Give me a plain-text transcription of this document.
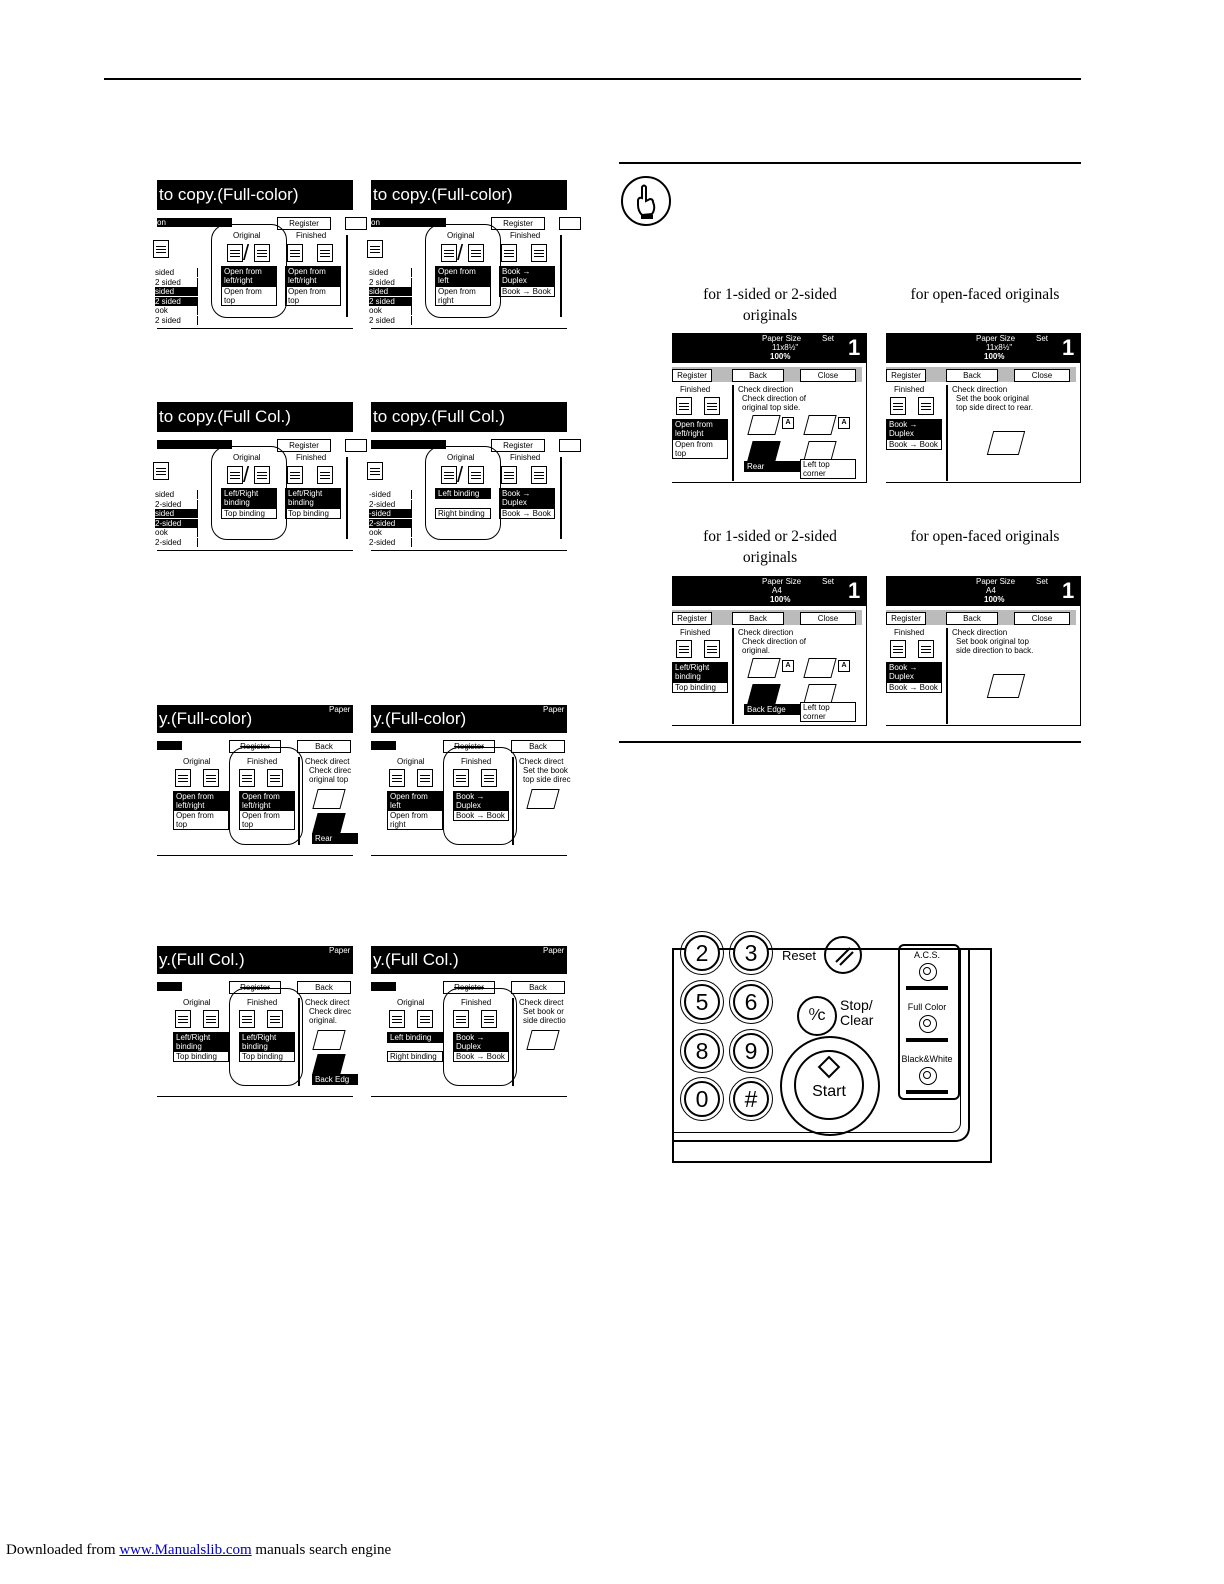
to copy.(Full-color)
on	Register
sided
2 sided
sided
2 sided
ook
2 sided
Original	Finished
/
Open from left/right
Open from top
Open from left/right
Open from top
to copy.(Full-color)
on	Register
sided
2 sided
sided
2 sided
ook
2 sided
Original	Finished
/
Open from left
Open from right
Book → Duplex
Book → Book
to copy.(Full Col.)
Register
sided
2-sided
sided
2-sided
ook
2-sided
Original	Finished
/
Left/Right binding
Top binding
Left/Right binding
Top binding
to copy.(Full Col.)
Register
-sided
2-sided
-sided
2-sided
ook
2-sided
Original	Finished
/
Left binding
Right binding
Book → Duplex
Book → Book
y.(Full-color)	Paper
Register	Back
Original	Finished	Check direct
Check direc
original top
Open from left/right
Open from top
Open from left/right
Open from top
Rear
y.(Full-color)	Paper
Register	Back
Original	Finished	Check direct
Set the book
top side direc
Open from left
Open from right
Book → Duplex
Book → Book
y.(Full Col.)	Paper
Register	Back
Original	Finished	Check direct
Check direc
original.
Left/Right binding
Top binding
Left/Right binding
Top binding
Back Edg
y.(Full Col.)	Paper
Register	Back
Original	Finished	Check direct
Set book or
side directio
Left binding
Right binding
Book → Duplex
Book → Book
for 1-sided or 2-sided originals
for open-faced originals
for 1-sided or 2-sided originals
for open-faced originals
Paper Size	Set
11x8½"
100%	1
Register	Back	Close
Finished	Check direction
Check direction of
original top side.
Open from left/right
Open from top
A	A
Rear	Left top corner
Paper Size	Set
11x8½"
100%	1
Register	Back	Close
Finished	Check direction
Set the book original
top side direct to rear.
Book → Duplex
Book → Book
Paper Size	Set
A4
100%	1
Register	Back	Close
Finished	Check direction
Check direction of
original.
Left/Right binding
Top binding
A	A
Back Edge	Left top corner
Paper Size	Set
A4
100%	1
Register	Back	Close
Finished	Check direction
Set book original top
side direction to back.
Book → Duplex
Book → Book
2	3
5	6
8	9
0	#
Reset
⁰∕c
Stop/
Clear
Start
A.C.S.
Full Color
Black&White
Downloaded from www.Manualslib.com manuals search engine
